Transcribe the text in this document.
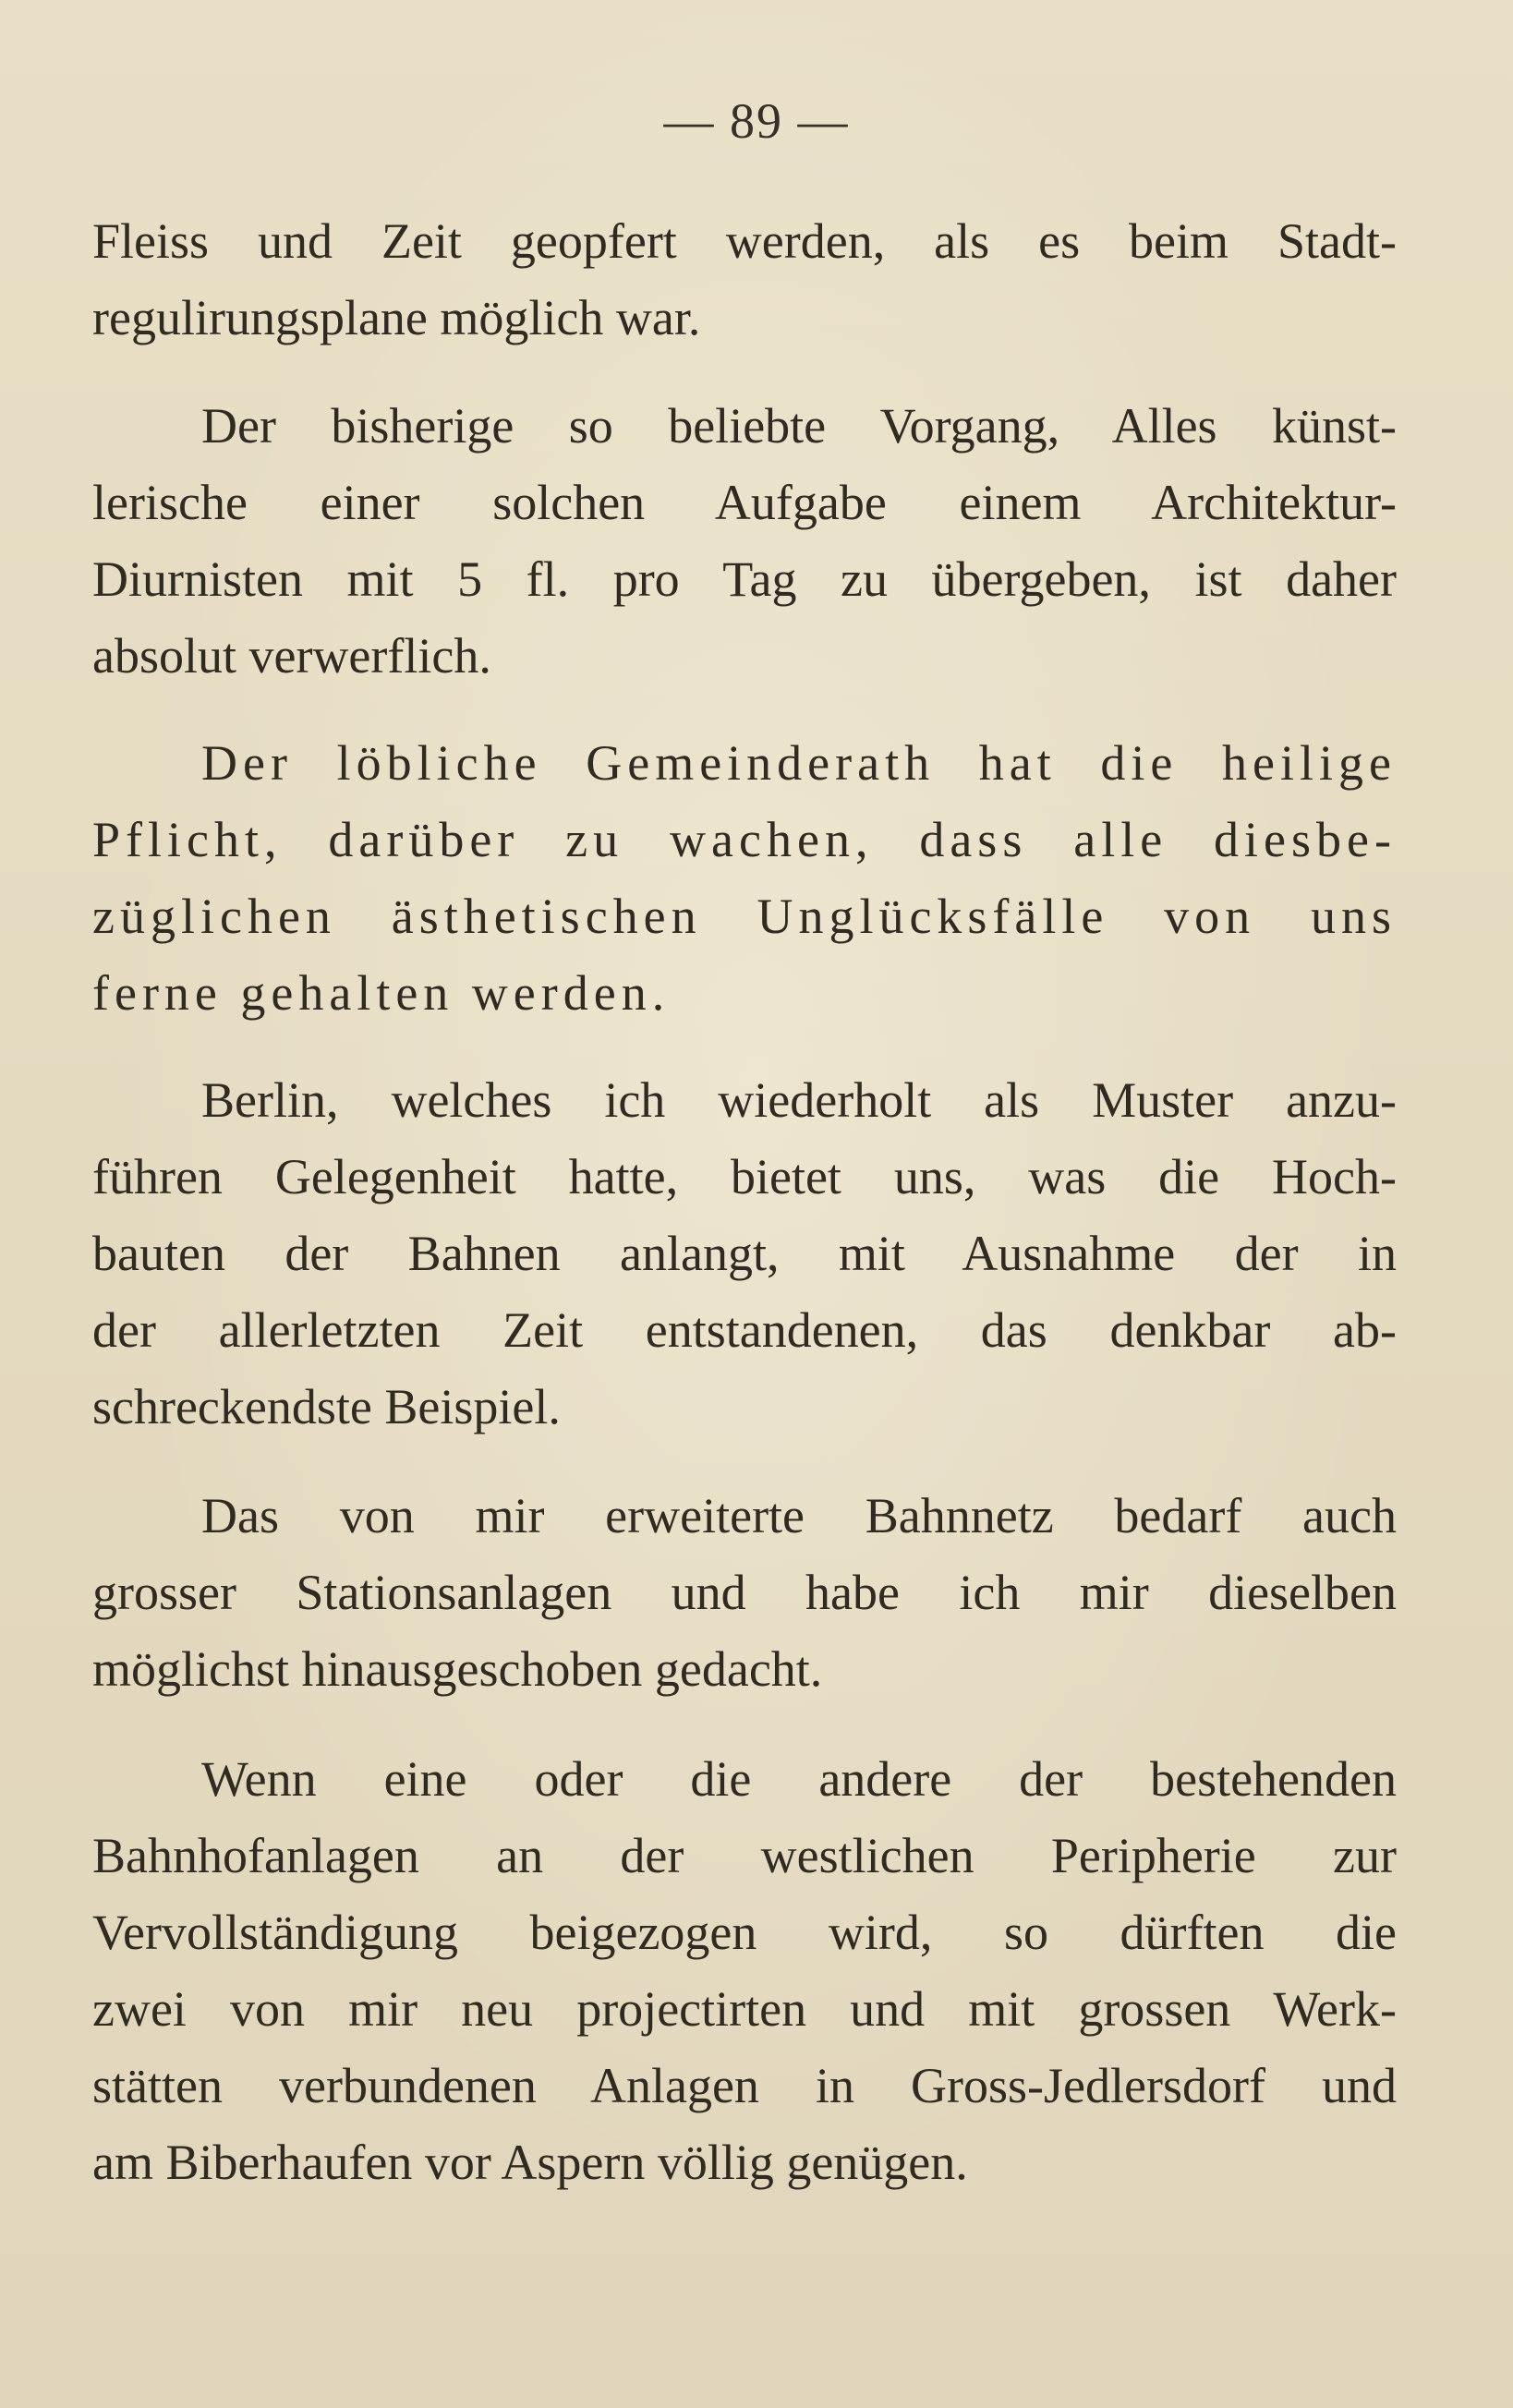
— 89 —
Fleiss und Zeit geopfert werden, als es beim Stadt-
regulirungsplane möglich war.
Der bisherige so beliebte Vorgang, Alles künst-
lerische einer solchen Aufgabe einem Architektur-
Diurnisten mit 5 fl. pro Tag zu übergeben, ist daher
absolut verwerflich.
Der löbliche Gemeinderath hat die heilige
Pflicht, darüber zu wachen, dass alle diesbe-
züglichen ästhetischen Unglücksfälle von uns
ferne gehalten werden.
Berlin, welches ich wiederholt als Muster anzu-
führen Gelegenheit hatte, bietet uns, was die Hoch-
bauten der Bahnen anlangt, mit Ausnahme der in
der allerletzten Zeit entstandenen, das denkbar ab-
schreckendste Beispiel.
Das von mir erweiterte Bahnnetz bedarf auch
grosser Stationsanlagen und habe ich mir dieselben
möglichst hinausgeschoben gedacht.
Wenn eine oder die andere der bestehenden
Bahnhofanlagen an der westlichen Peripherie zur
Vervollständigung beigezogen wird, so dürften die
zwei von mir neu projectirten und mit grossen Werk-
stätten verbundenen Anlagen in Gross-Jedlersdorf und
am Biberhaufen vor Aspern völlig genügen.
